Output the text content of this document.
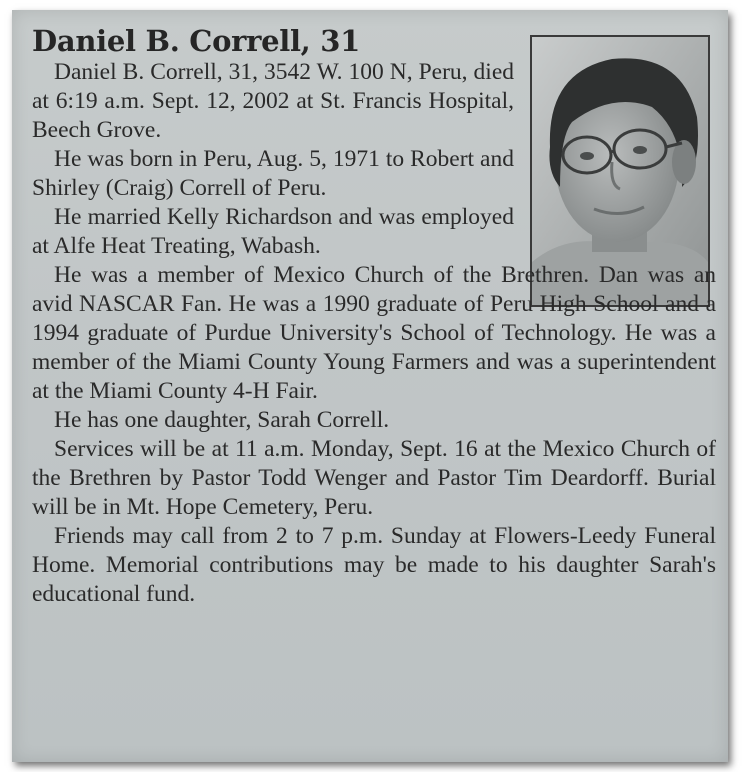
Daniel B. Correll, 31

Daniel B. Correll, 31, 3542 W. 100 N, Peru, died at 6:19 a.m. Sept. 12, 2002 at St. Francis Hospital, Beech Grove.

He was born in Peru, Aug. 5, 1971 to Robert and Shirley (Craig) Correll of Peru.

He married Kelly Richardson and was employed at Alfe Heat Treating, Wabash.

He was a member of Mexico Church of the Brethren. Dan was an avid NASCAR Fan. He was a 1990 graduate of Peru High School and a 1994 graduate of Purdue University's School of Technology. He was a member of the Miami County Young Farmers and was a superintendent at the Miami County 4-H Fair.

He has one daughter, Sarah Correll.

Services will be at 11 a.m. Monday, Sept. 16 at the Mexico Church of the Brethren by Pastor Todd Wenger and Pastor Tim Deardorff. Burial will be in Mt. Hope Cemetery, Peru.

Friends may call from 2 to 7 p.m. Sunday at Flowers-Leedy Funeral Home. Memorial contributions may be made to his daughter Sarah's educational fund.
